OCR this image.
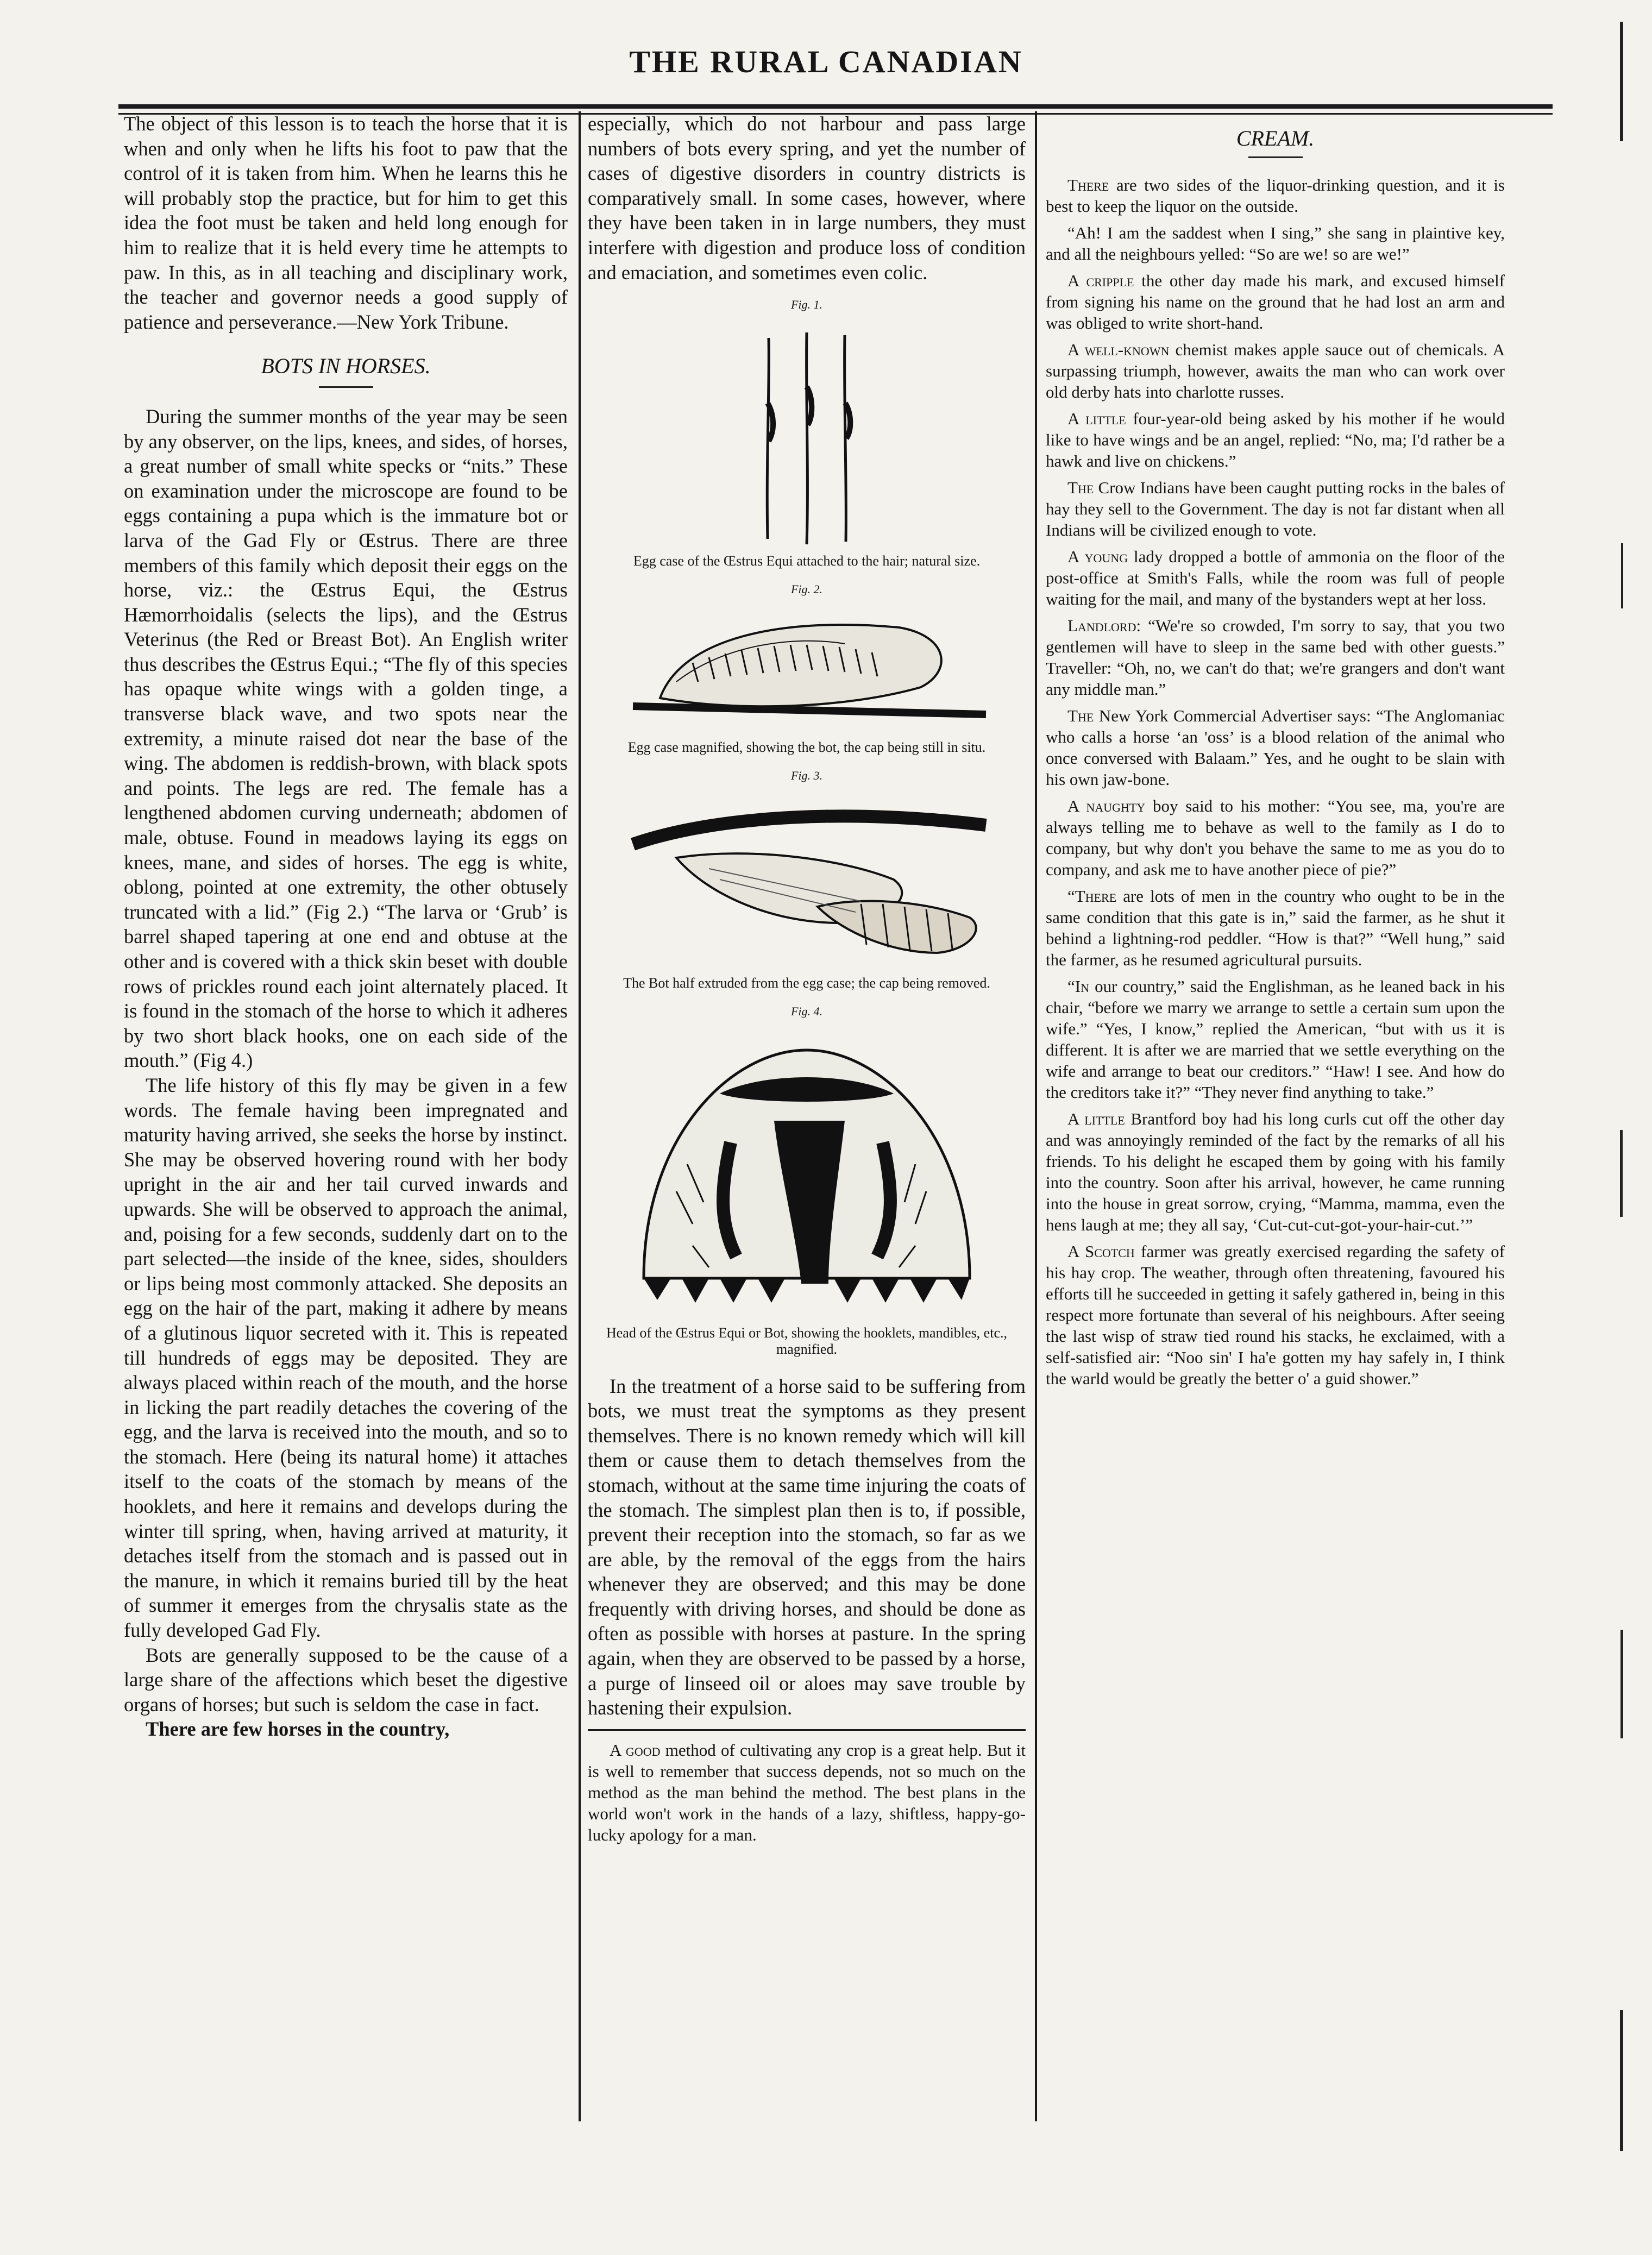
THE RURAL CANADIAN

The object of this lesson is to teach the horse that it is when and only when he lifts his foot to paw that the control of it is taken from him. When he learns this he will probably stop the practice, but for him to get this idea the foot must be taken and held long enough for him to realize that it is held every time he attempts to paw. In this, as in all teaching and disciplinary work, the teacher and governor needs a good supply of patience and perseverance.—New York Tribune.

BOTS IN HORSES.

During the summer months of the year may be seen by any observer, on the lips, knees, and sides, of horses, a great number of small white specks or “nits.” These on examination under the microscope are found to be eggs containing a pupa which is the immature bot or larva of the Gad Fly or Œstrus. There are three members of this family which deposit their eggs on the horse, viz.: the Œstrus Equi, the Œstrus Hæmorrhoidalis (selects the lips), and the Œstrus Veterinus (the Red or Breast Bot). An English writer thus describes the Œstrus Equi.; “The fly of this species has opaque white wings with a golden tinge, a transverse black wave, and two spots near the extremity, a minute raised dot near the base of the wing. The abdomen is reddish-brown, with black spots and points. The legs are red. The female has a lengthened abdomen curving underneath; abdomen of male, obtuse. Found in meadows laying its eggs on knees, mane, and sides of horses. The egg is white, oblong, pointed at one extremity, the other obtusely truncated with a lid.” (Fig 2.) “The larva or ‘Grub’ is barrel shaped tapering at one end and obtuse at the other and is covered with a thick skin beset with double rows of prickles round each joint alternately placed. It is found in the stomach of the horse to which it adheres by two short black hooks, one on each side of the mouth.” (Fig 4.)

The life history of this fly may be given in a few words. The female having been impregnated and maturity having arrived, she seeks the horse by instinct. She may be observed hovering round with her body upright in the air and her tail curved inwards and upwards. She will be observed to approach the animal, and, poising for a few seconds, suddenly dart on to the part selected—the inside of the knee, sides, shoulders or lips being most commonly attacked. She deposits an egg on the hair of the part, making it adhere by means of a glutinous liquor secreted with it. This is repeated till hundreds of eggs may be deposited. They are always placed within reach of the mouth, and the horse in licking the part readily detaches the covering of the egg, and the larva is received into the mouth, and so to the stomach. Here (being its natural home) it attaches itself to the coats of the stomach by means of the hooklets, and here it remains and develops during the winter till spring, when, having arrived at maturity, it detaches itself from the stomach and is passed out in the manure, in which it remains buried till by the heat of summer it emerges from the chrysalis state as the fully developed Gad Fly.

Bots are generally supposed to be the cause of a large share of the affections which beset the digestive organs of horses; but such is seldom the case in fact.

There are few horses in the country,

especially, which do not harbour and pass large numbers of bots every spring, and yet the number of cases of digestive disorders in country districts is comparatively small. In some cases, however, where they have been taken in in large numbers, they must interfere with digestion and produce loss of condition and emaciation, and sometimes even colic.

Fig. 1.
Egg case of the Œstrus Equi attached to the hair; natural size.
Fig. 2.
Egg case magnified, showing the bot, the cap being still in situ.
Fig. 3.
The Bot half extruded from the egg case; the cap being removed.
Fig. 4.
Head of the Œstrus Equi or Bot, showing the hooklets, mandibles, etc., magnified.

In the treatment of a horse said to be suffering from bots, we must treat the symptoms as they present themselves. There is no known remedy which will kill them or cause them to detach themselves from the stomach, without at the same time injuring the coats of the stomach. The simplest plan then is to, if possible, prevent their reception into the stomach, so far as we are able, by the removal of the eggs from the hairs whenever they are observed; and this may be done frequently with driving horses, and should be done as often as possible with horses at pasture. In the spring again, when they are observed to be passed by a horse, a purge of linseed oil or aloes may save trouble by hastening their expulsion.

A good method of cultivating any crop is a great help. But it is well to remember that success depends, not so much on the method as the man behind the method. The best plans in the world won't work in the hands of a lazy, shiftless, happy-go-lucky apology for a man.

CREAM.

There are two sides of the liquor-drinking question, and it is best to keep the liquor on the outside.

“Ah! I am the saddest when I sing,” she sang in plaintive key, and all the neighbours yelled: “So are we! so are we!”

A cripple the other day made his mark, and excused himself from signing his name on the ground that he had lost an arm and was obliged to write short-hand.

A well-known chemist makes apple sauce out of chemicals. A surpassing triumph, however, awaits the man who can work over old derby hats into charlotte russes.

A little four-year-old being asked by his mother if he would like to have wings and be an angel, replied: “No, ma; I'd rather be a hawk and live on chickens.”

The Crow Indians have been caught putting rocks in the bales of hay they sell to the Government. The day is not far distant when all Indians will be civilized enough to vote.

A young lady dropped a bottle of ammonia on the floor of the post-office at Smith's Falls, while the room was full of people waiting for the mail, and many of the bystanders wept at her loss.

Landlord: “We're so crowded, I'm sorry to say, that you two gentlemen will have to sleep in the same bed with other guests.” Traveller: “Oh, no, we can't do that; we're grangers and don't want any middle man.”

The New York Commercial Advertiser says: “The Anglomaniac who calls a horse ‘an 'oss’ is a blood relation of the animal who once conversed with Balaam.” Yes, and he ought to be slain with his own jaw-bone.

A naughty boy said to his mother: “You see, ma, you're are always telling me to behave as well to the family as I do to company, but why don't you behave the same to me as you do to company, and ask me to have another piece of pie?”

“There are lots of men in the country who ought to be in the same condition that this gate is in,” said the farmer, as he shut it behind a lightning-rod peddler. “How is that?” “Well hung,” said the farmer, as he resumed agricultural pursuits.

“In our country,” said the Englishman, as he leaned back in his chair, “before we marry we arrange to settle a certain sum upon the wife.” “Yes, I know,” replied the American, “but with us it is different. It is after we are married that we settle everything on the wife and arrange to beat our creditors.” “Haw! I see. And how do the creditors take it?” “They never find anything to take.”

A little Brantford boy had his long curls cut off the other day and was annoyingly reminded of the fact by the remarks of all his friends. To his delight he escaped them by going with his family into the country. Soon after his arrival, however, he came running into the house in great sorrow, crying, “Mamma, mamma, even the hens laugh at me; they all say, ‘Cut-cut-cut-got-your-hair-cut.’”

A Scotch farmer was greatly exercised regarding the safety of his hay crop. The weather, through often threatening, favoured his efforts till he succeeded in getting it safely gathered in, being in this respect more fortunate than several of his neighbours. After seeing the last wisp of straw tied round his stacks, he exclaimed, with a self-satisfied air: “Noo sin' I ha'e gotten my hay safely in, I think the warld would be greatly the better o' a guid shower.”
